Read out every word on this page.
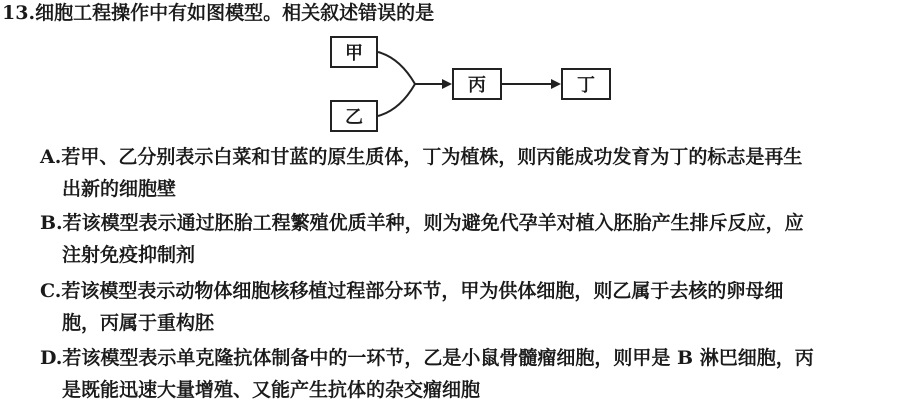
13.细胞工程操作中有如图模型。相关叙述错误的是
甲
乙
丙	丁
A.若甲、乙分别表示白菜和甘蓝的原生质体，丁为植株，则丙能成功发育为丁的标志是再生
出新的细胞壁
B.若该模型表示通过胚胎工程繁殖优质羊种，则为避免代孕羊对植入胚胎产生排斥反应，应
注射免疫抑制剂
C.若该模型表示动物体细胞核移植过程部分环节，甲为供体细胞，则乙属于去核的卵母细
胞，丙属于重构胚
D.若该模型表示单克隆抗体制备中的一环节，乙是小鼠骨髓瘤细胞，则甲是 B 淋巴细胞，丙
是既能迅速大量增殖、又能产生抗体的杂交瘤细胞
